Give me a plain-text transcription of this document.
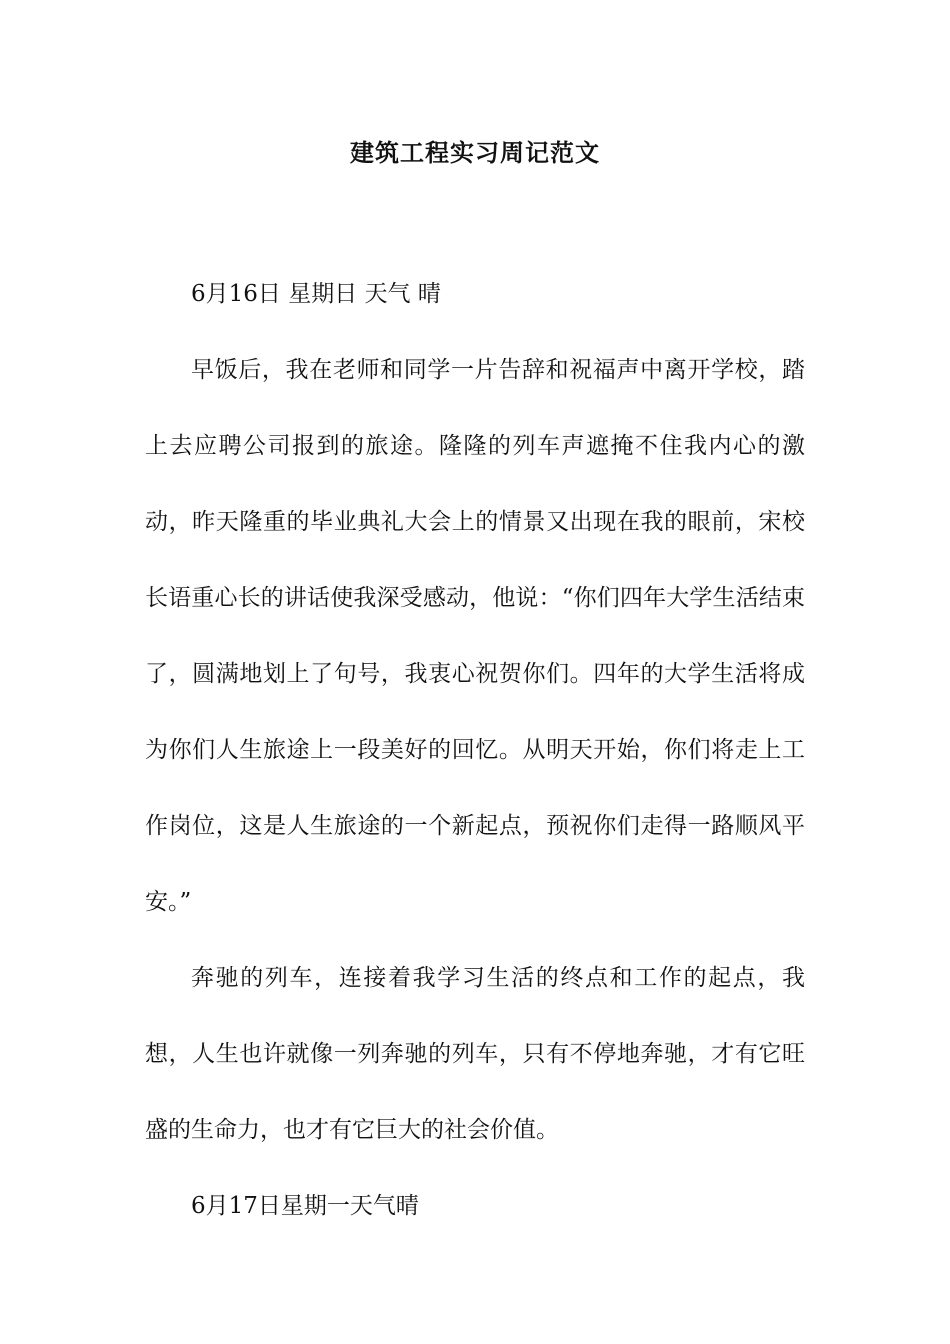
建筑工程实习周记范文

6月16日 星期日 天气 晴

早饭后，我在老师和同学一片告辞和祝福声中离开学校，踏上去应聘公司报到的旅途。隆隆的列车声遮掩不住我内心的激动，昨天隆重的毕业典礼大会上的情景又出现在我的眼前，宋校长语重心长的讲话使我深受感动，他说：“你们四年大学生活结束了，圆满地划上了句号，我衷心祝贺你们。四年的大学生活将成为你们人生旅途上一段美好的回忆。从明天开始，你们将走上工作岗位，这是人生旅途的一个新起点，预祝你们走得一路顺风平安。”

奔驰的列车，连接着我学习生活的终点和工作的起点，我想，人生也许就像一列奔驰的列车，只有不停地奔驰，才有它旺盛的生命力，也才有它巨大的社会价值。

6月17日星期一天气晴
